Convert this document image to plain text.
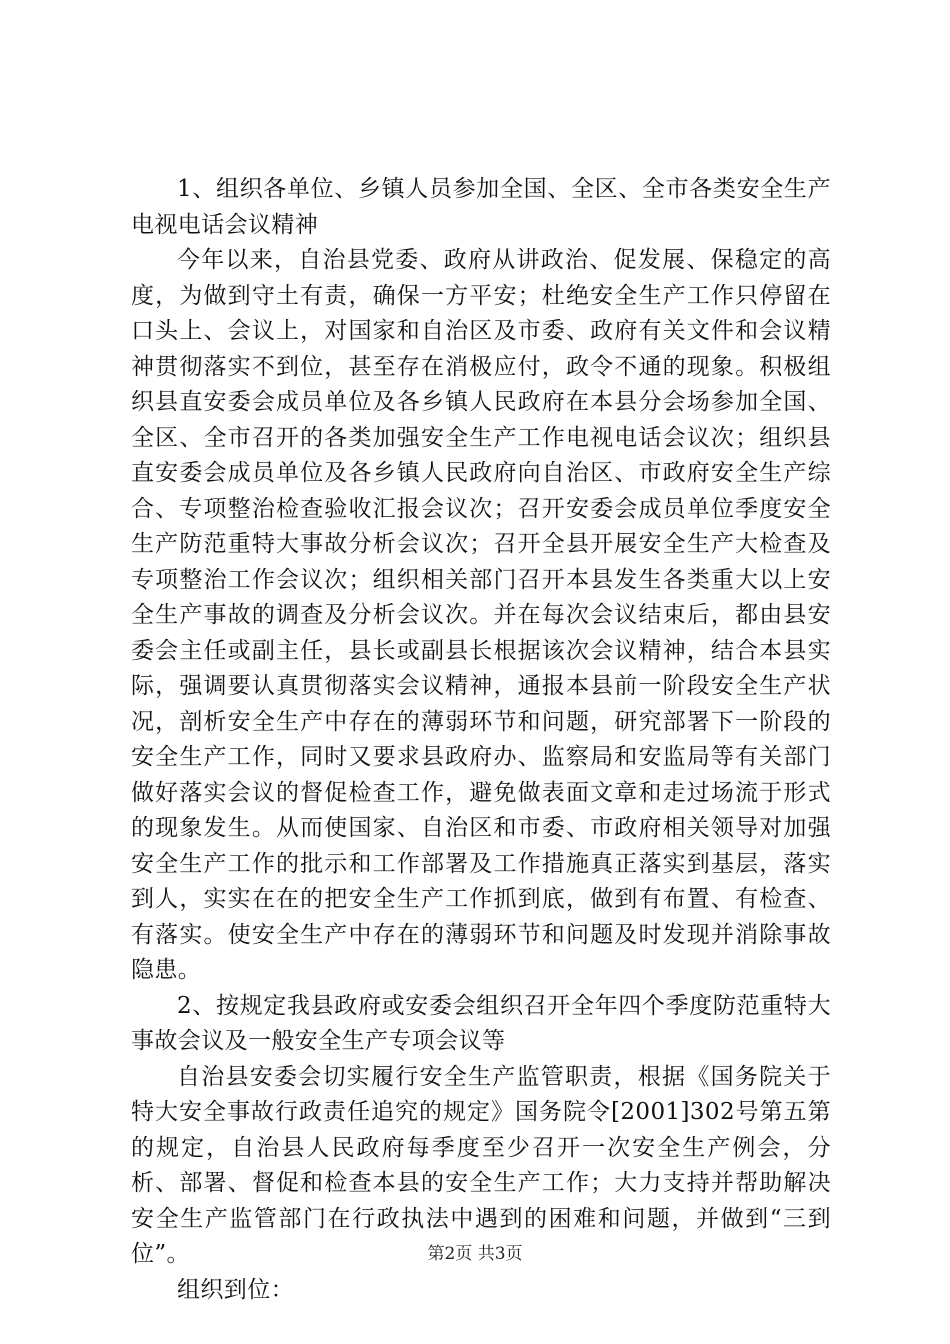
1、组织各单位、乡镇人员参加全国、全区、全市各类安全生产电视电话会议精神

今年以来，自治县党委、政府从讲政治、促发展、保稳定的高度，为做到守土有责，确保一方平安；杜绝安全生产工作只停留在口头上、会议上，对国家和自治区及市委、政府有关文件和会议精神贯彻落实不到位，甚至存在消极应付，政令不通的现象。积极组织县直安委会成员单位及各乡镇人民政府在本县分会场参加全国、全区、全市召开的各类加强安全生产工作电视电话会议次；组织县直安委会成员单位及各乡镇人民政府向自治区、市政府安全生产综合、专项整治检查验收汇报会议次；召开安委会成员单位季度安全生产防范重特大事故分析会议次；召开全县开展安全生产大检查及专项整治工作会议次；组织相关部门召开本县发生各类重大以上安全生产事故的调查及分析会议次。并在每次会议结束后，都由县安委会主任或副主任，县长或副县长根据该次会议精神，结合本县实际，强调要认真贯彻落实会议精神，通报本县前一阶段安全生产状况，剖析安全生产中存在的薄弱环节和问题，研究部署下一阶段的安全生产工作，同时又要求县政府办、监察局和安监局等有关部门做好落实会议的督促检查工作，避免做表面文章和走过场流于形式的现象发生。从而使国家、自治区和市委、市政府相关领导对加强安全生产工作的批示和工作部署及工作措施真正落实到基层，落实到人，实实在在的把安全生产工作抓到底，做到有布置、有检查、有落实。使安全生产中存在的薄弱环节和问题及时发现并消除事故隐患。

2、按规定我县政府或安委会组织召开全年四个季度防范重特大事故会议及一般安全生产专项会议等

自治县安委会切实履行安全生产监管职责，根据《国务院关于特大安全事故行政责任追究的规定》国务院令[2001]302号第五第的规定，自治县人民政府每季度至少召开一次安全生产例会，分析、部署、督促和检查本县的安全生产工作；大力支持并帮助解决安全生产监管部门在行政执法中遇到的困难和问题，并做到“三到位”。

组织到位：

第2页 共3页
